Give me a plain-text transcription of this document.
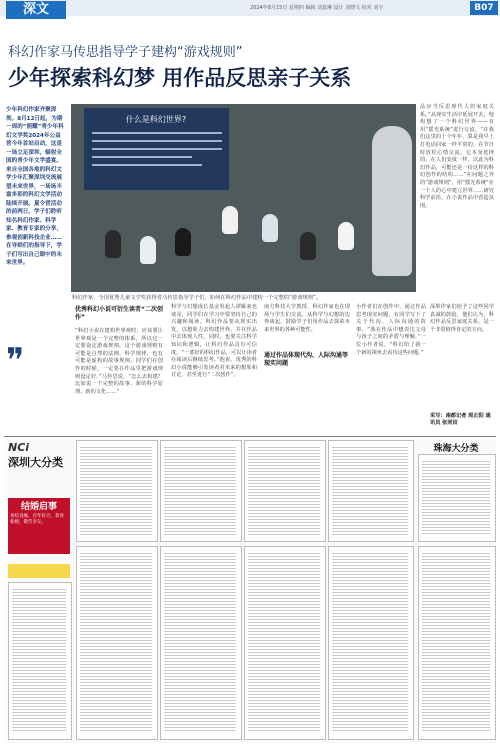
深文	2024年8月15日 星期四 编辑 刘嘉琳 设计 刘晓文 校对 刘宇	B07
科幻作家马传思指导学子建构“游戏规则”
少年探索科幻梦 用作品反思亲子关系
少年科幻作家齐聚深圳。8月12日起，为期一周的“照耀”青少年科幻文学奖2024年公益营今年首站启动，这是一场立足深圳，辐射全国的青少年文学盛宴。来自全国各地的科幻文学少年汇聚深圳交流展望未来世界，一场场丰富多彩的科幻文学活动陆续开展。夏令营活动的前两日，学子们聆听知名科幻作家、科学家、教育专家的分享，参观创新科技企业……在导师们的指导下，学子们写出自己眼中的未来世界。
❞
什么是科幻世界?
科幻作家、全国优秀儿童文学奖获得者马传思指导学子们，如何在科幻作品中建构一个完整的“游戏规则”。
品应当反思现代人的家庭关系。”从现实生活中延展开去，他构想了一个科幻世界——有用“摇光系统”进行交流，“在我们这里的十个年年，算是我早上打电话回家一样平常的，在节日时放松心情交流。它本身选择的，在人们变成一样，以此为科幻作品，可能还是一份这样的科幻创作的结构……”在问题之外的“游戏规则”，用“摇光系统”在一个人的心中建立世界……研究科学前沿，在小说作品中营造氛围。
优秀科幻小说可衍生读者“二次创作”
“科幻小说在建构世界观时，应该要让世界观是一个完整的体系，所以它一定要设定游戏规则。这个游戏规则有可能是自然的法则、科学规律，也有可能是虚构的故事规则。同学们在创作的时候，一定要在作品里把游戏规则设定好。”马传思说，“怎么去构建？比如说一个完整的故事、新的科学原理、新的文化……”
科学与幻想成长基金发起人谭雁来也谈及，同学们在学习中要坚持自己的兴趣和阅读。科幻作品要从现实出发，以想象力去构建世界，并在作品中去体现人性。同时，也要关注科学知识和逻辑，让科幻作品具有可信度。“一部好的科幻作品，可以让读者在阅读后继续思考。”他说，优秀的科幻小说能够引发读者对未来的想象和讨论，甚至进行“二次创作”。
南方科技大学教授、科幻作家也在现场与学生们交流，从科学与幻想的边界谈起，鼓励学子们用作品去探索未来世界的各种可能性。
通过作品体现代沟、人际沟通等现实问题
小作者们在创作中，通过作品思考现实问题，有同学写下了关于代沟、人际沟通的故事。“我在作品中想表达父母与孩子之间的矛盾与理解，”一位小作者说，“科幻给了我一个新的视角去看待这些问题。”
深圳作家们给予了这些同学真诚的鼓励，他们认为，科幻作品反思家庭关系，是一个非常值得肯定的方向。
采写：南都记者 周正阳 通讯员 张同田
NCi
深圳大分类
结婚启事
喜结良缘，百年好合，恭喜新婚，敬告亲友。
珠海大分类
